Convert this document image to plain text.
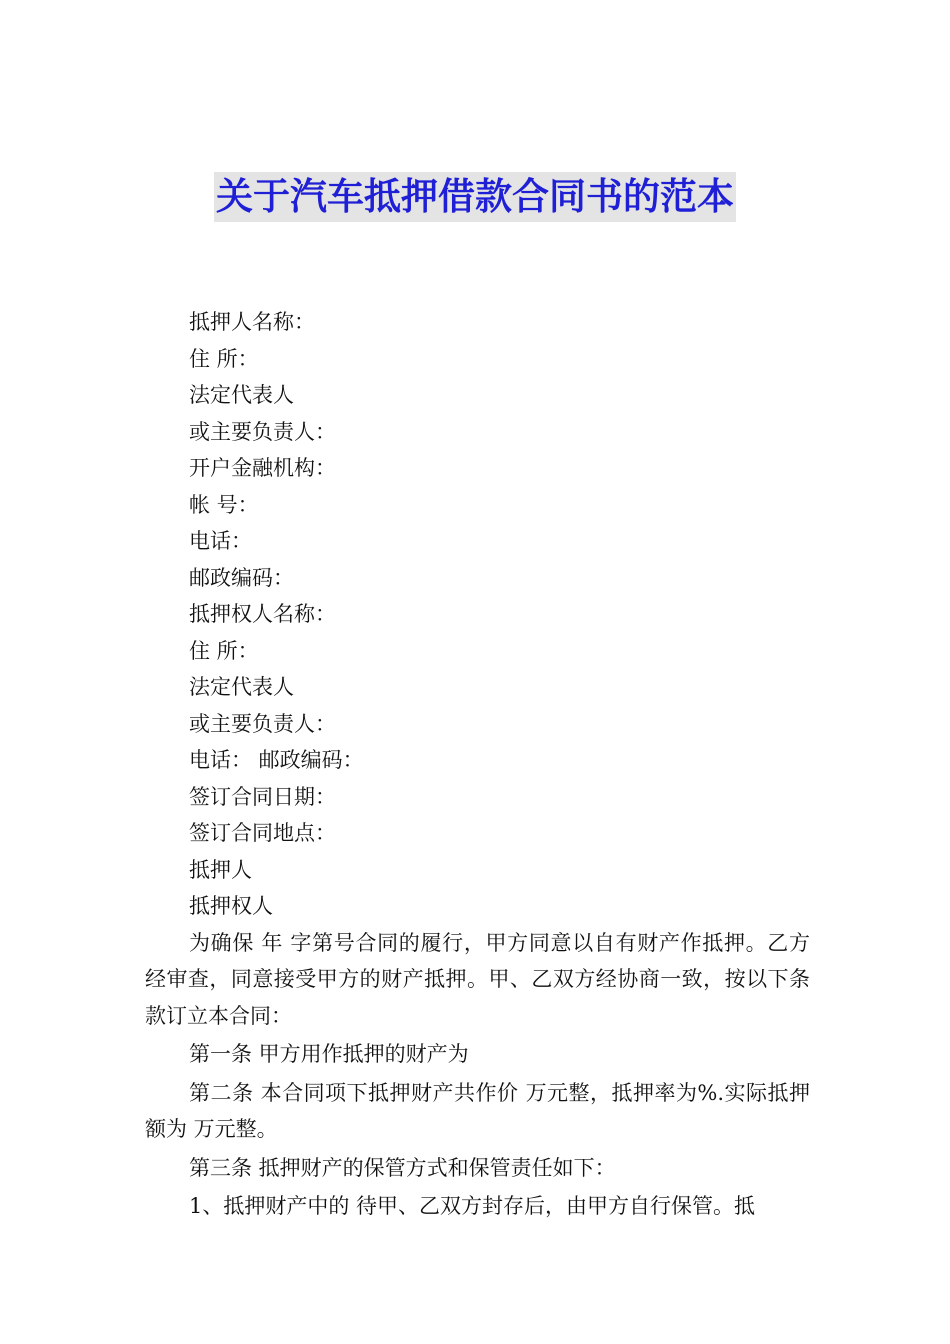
关于汽车抵押借款合同书的范本
抵押人名称：
住 所：
法定代表人
或主要负责人：
开户金融机构：
帐 号：
电话：
邮政编码：
抵押权人名称：
住 所：
法定代表人
或主要负责人：
电话： 邮政编码：
签订合同日期：
签订合同地点：
抵押人
抵押权人
为确保 年 字第号合同的履行，甲方同意以自有财产作抵押。乙方经审查，同意接受甲方的财产抵押。甲、乙双方经协商一致，按以下条款订立本合同：
第一条 甲方用作抵押的财产为
第二条 本合同项下抵押财产共作价 万元整，抵押率为%.实际抵押额为 万元整。
第三条 抵押财产的保管方式和保管责任如下：
1、抵押财产中的 待甲、乙双方封存后，由甲方自行保管。抵
